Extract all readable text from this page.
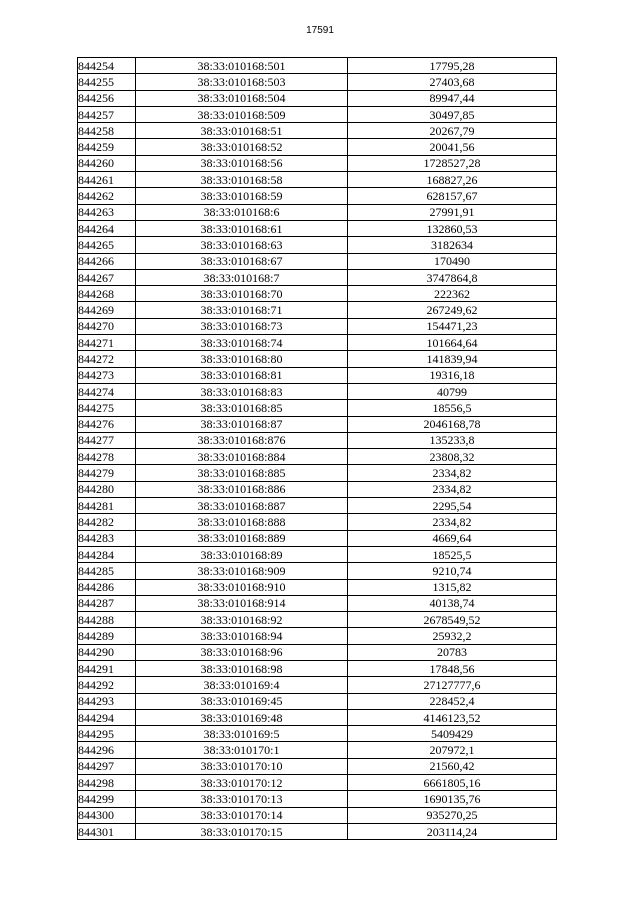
17591
844254	38:33:010168:501	17795,28
844255	38:33:010168:503	27403,68
844256	38:33:010168:504	89947,44
844257	38:33:010168:509	30497,85
844258	38:33:010168:51	20267,79
844259	38:33:010168:52	20041,56
844260	38:33:010168:56	1728527,28
844261	38:33:010168:58	168827,26
844262	38:33:010168:59	628157,67
844263	38:33:010168:6	27991,91
844264	38:33:010168:61	132860,53
844265	38:33:010168:63	3182634
844266	38:33:010168:67	170490
844267	38:33:010168:7	3747864,8
844268	38:33:010168:70	222362
844269	38:33:010168:71	267249,62
844270	38:33:010168:73	154471,23
844271	38:33:010168:74	101664,64
844272	38:33:010168:80	141839,94
844273	38:33:010168:81	19316,18
844274	38:33:010168:83	40799
844275	38:33:010168:85	18556,5
844276	38:33:010168:87	2046168,78
844277	38:33:010168:876	135233,8
844278	38:33:010168:884	23808,32
844279	38:33:010168:885	2334,82
844280	38:33:010168:886	2334,82
844281	38:33:010168:887	2295,54
844282	38:33:010168:888	2334,82
844283	38:33:010168:889	4669,64
844284	38:33:010168:89	18525,5
844285	38:33:010168:909	9210,74
844286	38:33:010168:910	1315,82
844287	38:33:010168:914	40138,74
844288	38:33:010168:92	2678549,52
844289	38:33:010168:94	25932,2
844290	38:33:010168:96	20783
844291	38:33:010168:98	17848,56
844292	38:33:010169:4	27127777,6
844293	38:33:010169:45	228452,4
844294	38:33:010169:48	4146123,52
844295	38:33:010169:5	5409429
844296	38:33:010170:1	207972,1
844297	38:33:010170:10	21560,42
844298	38:33:010170:12	6661805,16
844299	38:33:010170:13	1690135,76
844300	38:33:010170:14	935270,25
844301	38:33:010170:15	203114,24
